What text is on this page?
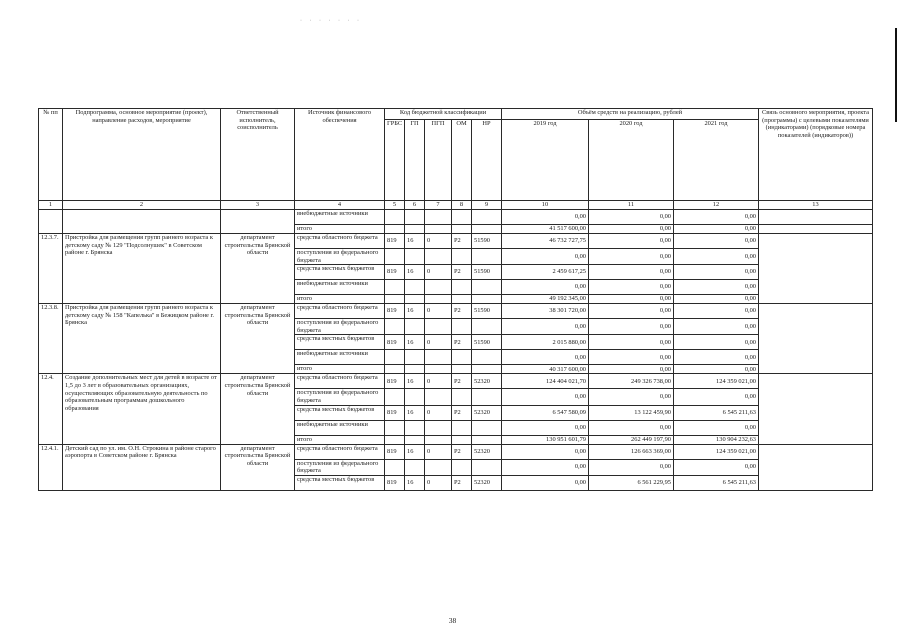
· · · · · · ·
№ пп	Подпрограмма, основное мероприятие (проект), направление расходов, мероприятие	Ответственный исполнитель, соисполнитель	Источник финансового обеспечения	Код бюджетной классификации					Объём средств на реализацию, рублей			Связь основного мероприятия, проекта (программы) с целевыми показателями (индикаторами) (порядковые номера показателей (индикаторов))
				ГРБС	ГП	ПГП	ОМ	НР	2019 год	2020 год	2021 год	
1	2	3	4	5	6	7	8	9	10	11	12	13
			внебюджетные источники						0,00	0,00	0,00	
			итого						41 517 600,00	0,00	0,00	
12.3.7.	Пристройка для размещения групп раннего возраста к детскому саду № 129 "Подсолнушек" в Советском районе г. Брянска	департамент строительства Брянской области	средства областного бюджета	819	16	0	P2	51590	46 732 727,75	0,00	0,00	
			поступления из федерального бюджета						0,00	0,00	0,00	
			средства местных бюджетов	819	16	0	P2	51590	2 459 617,25	0,00	0,00	
			внебюджетные источники						0,00	0,00	0,00	
			итого						49 192 345,00	0,00	0,00	
12.3.8.	Пристройка для размещения групп раннего возраста к детскому саду № 158 "Капелька" в Бежицком районе г. Брянска	департамент строительства Брянской области	средства областного бюджета	819	16	0	P2	51590	38 301 720,00	0,00	0,00	
			поступления из федерального бюджета						0,00	0,00	0,00	
			средства местных бюджетов	819	16	0	P2	51590	2 015 880,00	0,00	0,00	
			внебюджетные источники						0,00	0,00	0,00	
			итого						40 317 600,00	0,00	0,00	
12.4.	Создание дополнительных мест для детей в возрасте от 1,5 до 3 лет в образовательных организациях, осуществляющих образовательную деятельность по образовательным программам дошкольного образования	департамент строительства Брянской области	средства областного бюджета	819	16	0	P2	52320	124 404 021,70	249 326 738,00	124 359 021,00	
			поступления из федерального бюджета						0,00	0,00	0,00	
			средства местных бюджетов	819	16	0	P2	52320	6 547 580,09	13 122 459,90	6 545 211,63	
			внебюджетные источники						0,00	0,00	0,00	
			итого						130 951 601,79	262 449 197,90	130 904 232,63	
12.4.1.	Детский сад по ул. им. О.Н. Строкина в районе старого аэропорта в Советском районе г. Брянска	департамент строительства Брянской области	средства областного бюджета	819	16	0	P2	52320	0,00	126 663 369,00	124 359 021,00	
			поступления из федерального бюджета						0,00	0,00	0,00	
			средства местных бюджетов	819	16	0	P2	52320	0,00	6 561 229,95	6 545 211,63	
38
